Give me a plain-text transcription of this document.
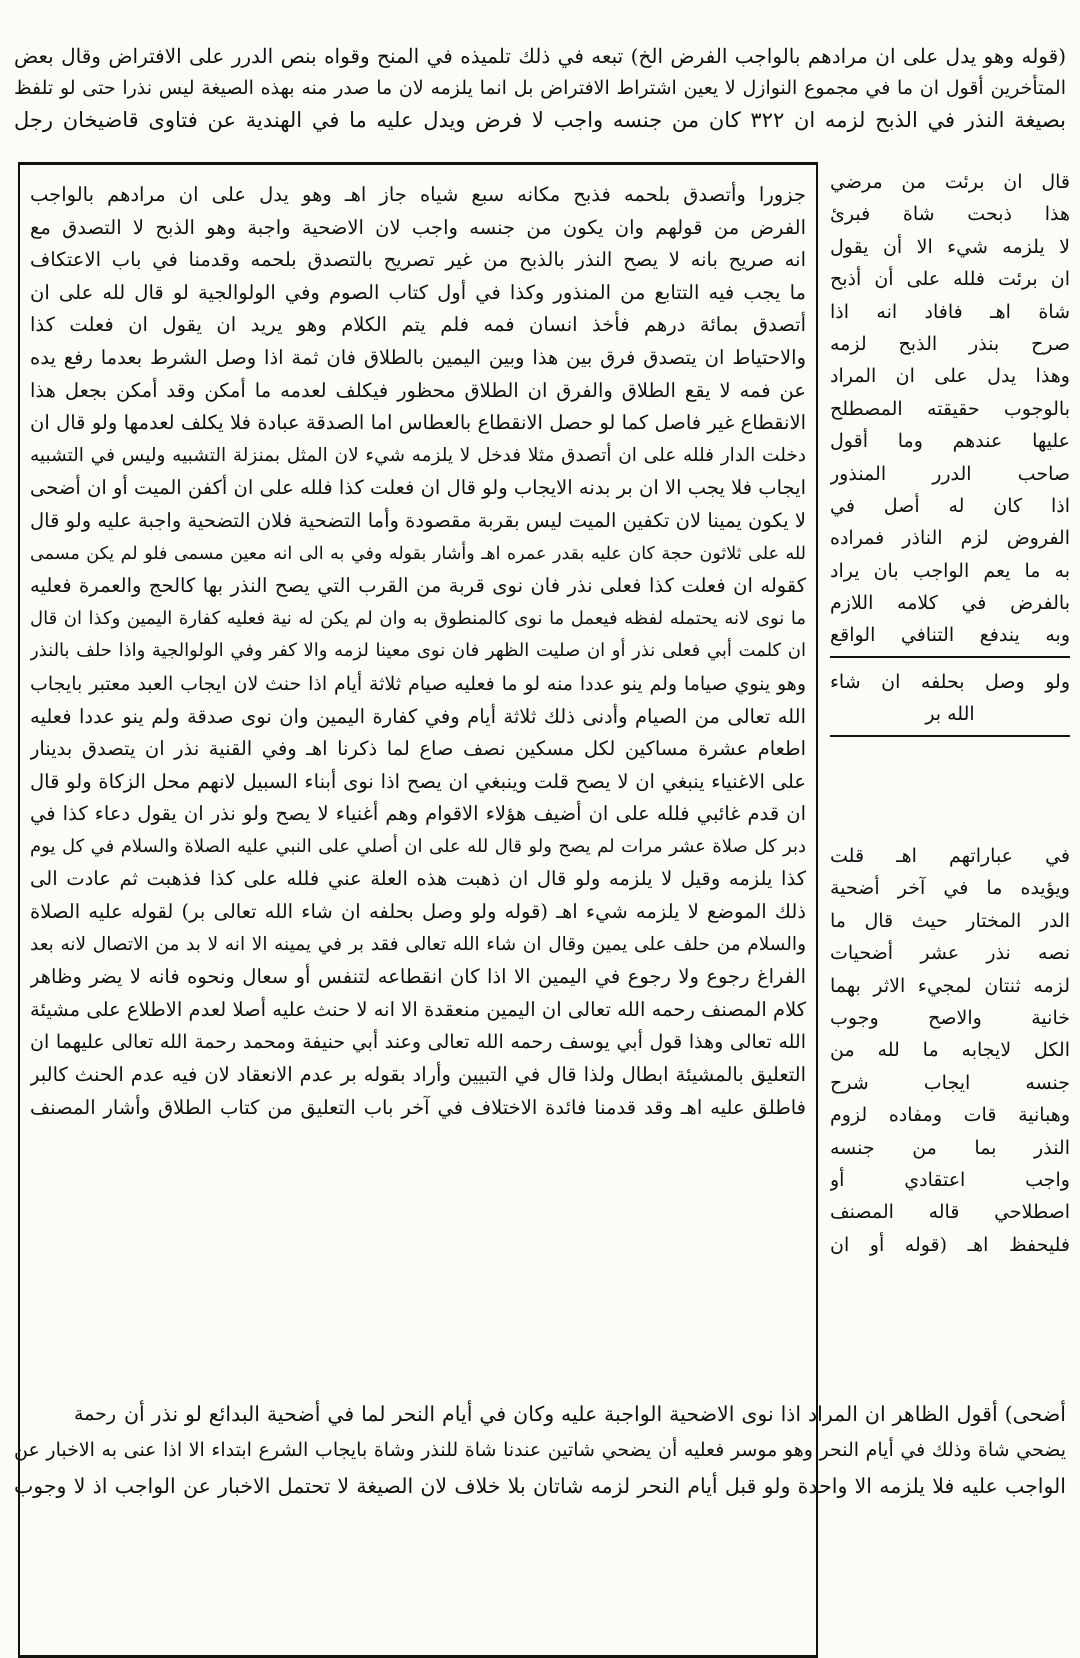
(قوله وهو يدل على ان مرادهم بالواجب الفرض الخ) تبعه في ذلك تلميذه في المنح وقواه بنص الدرر على الافتراض وقال بعض
المتأخرين أقول ان ما في مجموع النوازل لا يعين اشتراط الافتراض بل انما يلزمه لان ما صدر منه بهذه الصيغة ليس نذرا حتى لو تلفظ
بصيغة النذر في الذبح لزمه ان ٣٢٢ كان من جنسه واجب لا فرض ويدل عليه ما في الهندية عن فتاوى قاضيخان رجل
جزورا وأتصدق بلحمه فذبح مكانه سبع شياه جاز اهـ وهو يدل على ان مرادهم بالواجب
الفرض من قولهم وان يكون من جنسه واجب لان الاضحية واجبة وهو الذبح لا التصدق مع
انه صريح بانه لا يصح النذر بالذبح من غير تصريح بالتصدق بلحمه وقدمنا في باب الاعتكاف
ما يجب فيه التتابع من المنذور وكذا في أول كتاب الصوم وفي الولوالجية لو قال لله على ان
أتصدق بمائة درهم فأخذ انسان فمه فلم يتم الكلام وهو يريد ان يقول ان فعلت كذا
والاحتياط ان يتصدق فرق بين هذا وبين اليمين بالطلاق فان ثمة اذا وصل الشرط بعدما رفع يده
عن فمه لا يقع الطلاق والفرق ان الطلاق محظور فيكلف لعدمه ما أمكن وقد أمكن بجعل هذا
الانقطاع غير فاصل كما لو حصل الانقطاع بالعطاس اما الصدقة عبادة فلا يكلف لعدمها ولو قال ان
دخلت الدار فلله على ان أتصدق مثلا فدخل لا يلزمه شيء لان المثل بمنزلة التشبيه وليس في التشبيه
ايجاب فلا يجب الا ان بر بدنه الايجاب ولو قال ان فعلت كذا فلله على ان أكفن الميت أو ان أضحى
لا يكون يمينا لان تكفين الميت ليس بقربة مقصودة وأما التضحية فلان التضحية واجبة عليه ولو قال
لله على ثلاثون حجة كان عليه بقدر عمره اهـ وأشار بقوله وفي به الى انه معين مسمى فلو لم يكن مسمى
كقوله ان فعلت كذا فعلى نذر فان نوى قربة من القرب التي يصح النذر بها كالحج والعمرة فعليه
ما نوى لانه يحتمله لفظه فيعمل ما نوى كالمنطوق به وان لم يكن له نية فعليه كفارة اليمين وكذا ان قال
ان كلمت أبي فعلى نذر أو ان صليت الظهر فان نوى معينا لزمه والا كفر وفي الولوالجية واذا حلف بالنذر
وهو ينوي صياما ولم ينو عددا منه لو ما فعليه صيام ثلاثة أيام اذا حنث لان ايجاب العبد معتبر بايجاب
الله تعالى من الصيام وأدنى ذلك ثلاثة أيام وفي كفارة اليمين وان نوى صدقة ولم ينو عددا فعليه
اطعام عشرة مساكين لكل مسكين نصف صاع لما ذكرنا اهـ وفي القنية نذر ان يتصدق بدينار
على الاغنياء ينبغي ان لا يصح قلت وينبغي ان يصح اذا نوى أبناء السبيل لانهم محل الزكاة ولو قال
ان قدم غائبي فلله على ان أضيف هؤلاء الاقوام وهم أغنياء لا يصح ولو نذر ان يقول دعاء كذا في
دبر كل صلاة عشر مرات لم يصح ولو قال لله على ان أصلي على النبي عليه الصلاة والسلام في كل يوم
كذا يلزمه وقيل لا يلزمه ولو قال ان ذهبت هذه العلة عني فلله على كذا فذهبت ثم عادت الى
ذلك الموضع لا يلزمه شيء اهـ (قوله ولو وصل بحلفه ان شاء الله تعالى بر) لقوله عليه الصلاة
والسلام من حلف على يمين وقال ان شاء الله تعالى فقد بر في يمينه الا انه لا بد من الاتصال لانه بعد
الفراغ رجوع ولا رجوع في اليمين الا اذا كان انقطاعه لتنفس أو سعال ونحوه فانه لا يضر وظاهر
كلام المصنف رحمه الله تعالى ان اليمين منعقدة الا انه لا حنث عليه أصلا لعدم الاطلاع على مشيئة
الله تعالى وهذا قول أبي يوسف رحمه الله تعالى وعند أبي حنيفة ومحمد رحمة الله تعالى عليهما ان
التعليق بالمشيئة ابطال ولذا قال في التبيين وأراد بقوله بر عدم الانعقاد لان فيه عدم الحنث كالبر
فاطلق عليه اهـ وقد قدمنا فائدة الاختلاف في آخر باب التعليق من كتاب الطلاق وأشار المصنف
قال ان برئت من مرضي
هذا ذبحت شاة فبرئ
لا يلزمه شيء الا أن يقول
ان برئت فلله على أن أذبح
شاة اهـ فافاد انه اذا
صرح بنذر الذبح لزمه
وهذا يدل على ان المراد
بالوجوب حقيقته المصطلح
عليها عندهم وما أقول
صاحب الدرر المنذور
اذا كان له أصل في
الفروض لزم الناذر فمراده
به ما يعم الواجب بان يراد
بالفرض في كلامه اللازم
وبه يندفع التنافي الواقع
ولو وصل بحلفه ان شاء
الله بر
في عباراتهم اهـ قلت
ويؤيده ما في آخر أضحية
الدر المختار حيث قال ما
نصه نذر عشر أضحيات
لزمه ثنتان لمجيء الاثر بهما
خانية والاصح وجوب
الكل لايجابه ما لله من
جنسه ايجاب شرح
وهبانية قات ومفاده لزوم
النذر بما من جنسه
واجب اعتقادي أو
اصطلاحي قاله المصنف
فليحفظ اهـ (قوله أو ان
أضحى) أقول الظاهر ان المراد اذا نوى الاضحية الواجبة عليه وكان في أيام النحر لما في أضحية البدائع لو نذر أن
رحمة
يضحي شاة وذلك في أيام النحر وهو موسر فعليه أن يضحي شاتين عندنا شاة للنذر وشاة بايجاب الشرع ابتداء الا اذا عنى به الاخبار عن
الواجب عليه فلا يلزمه الا واحدة ولو قبل أيام النحر لزمه شاتان بلا خلاف لان الصيغة لا تحتمل الاخبار عن الواجب اذ لا وجوب
